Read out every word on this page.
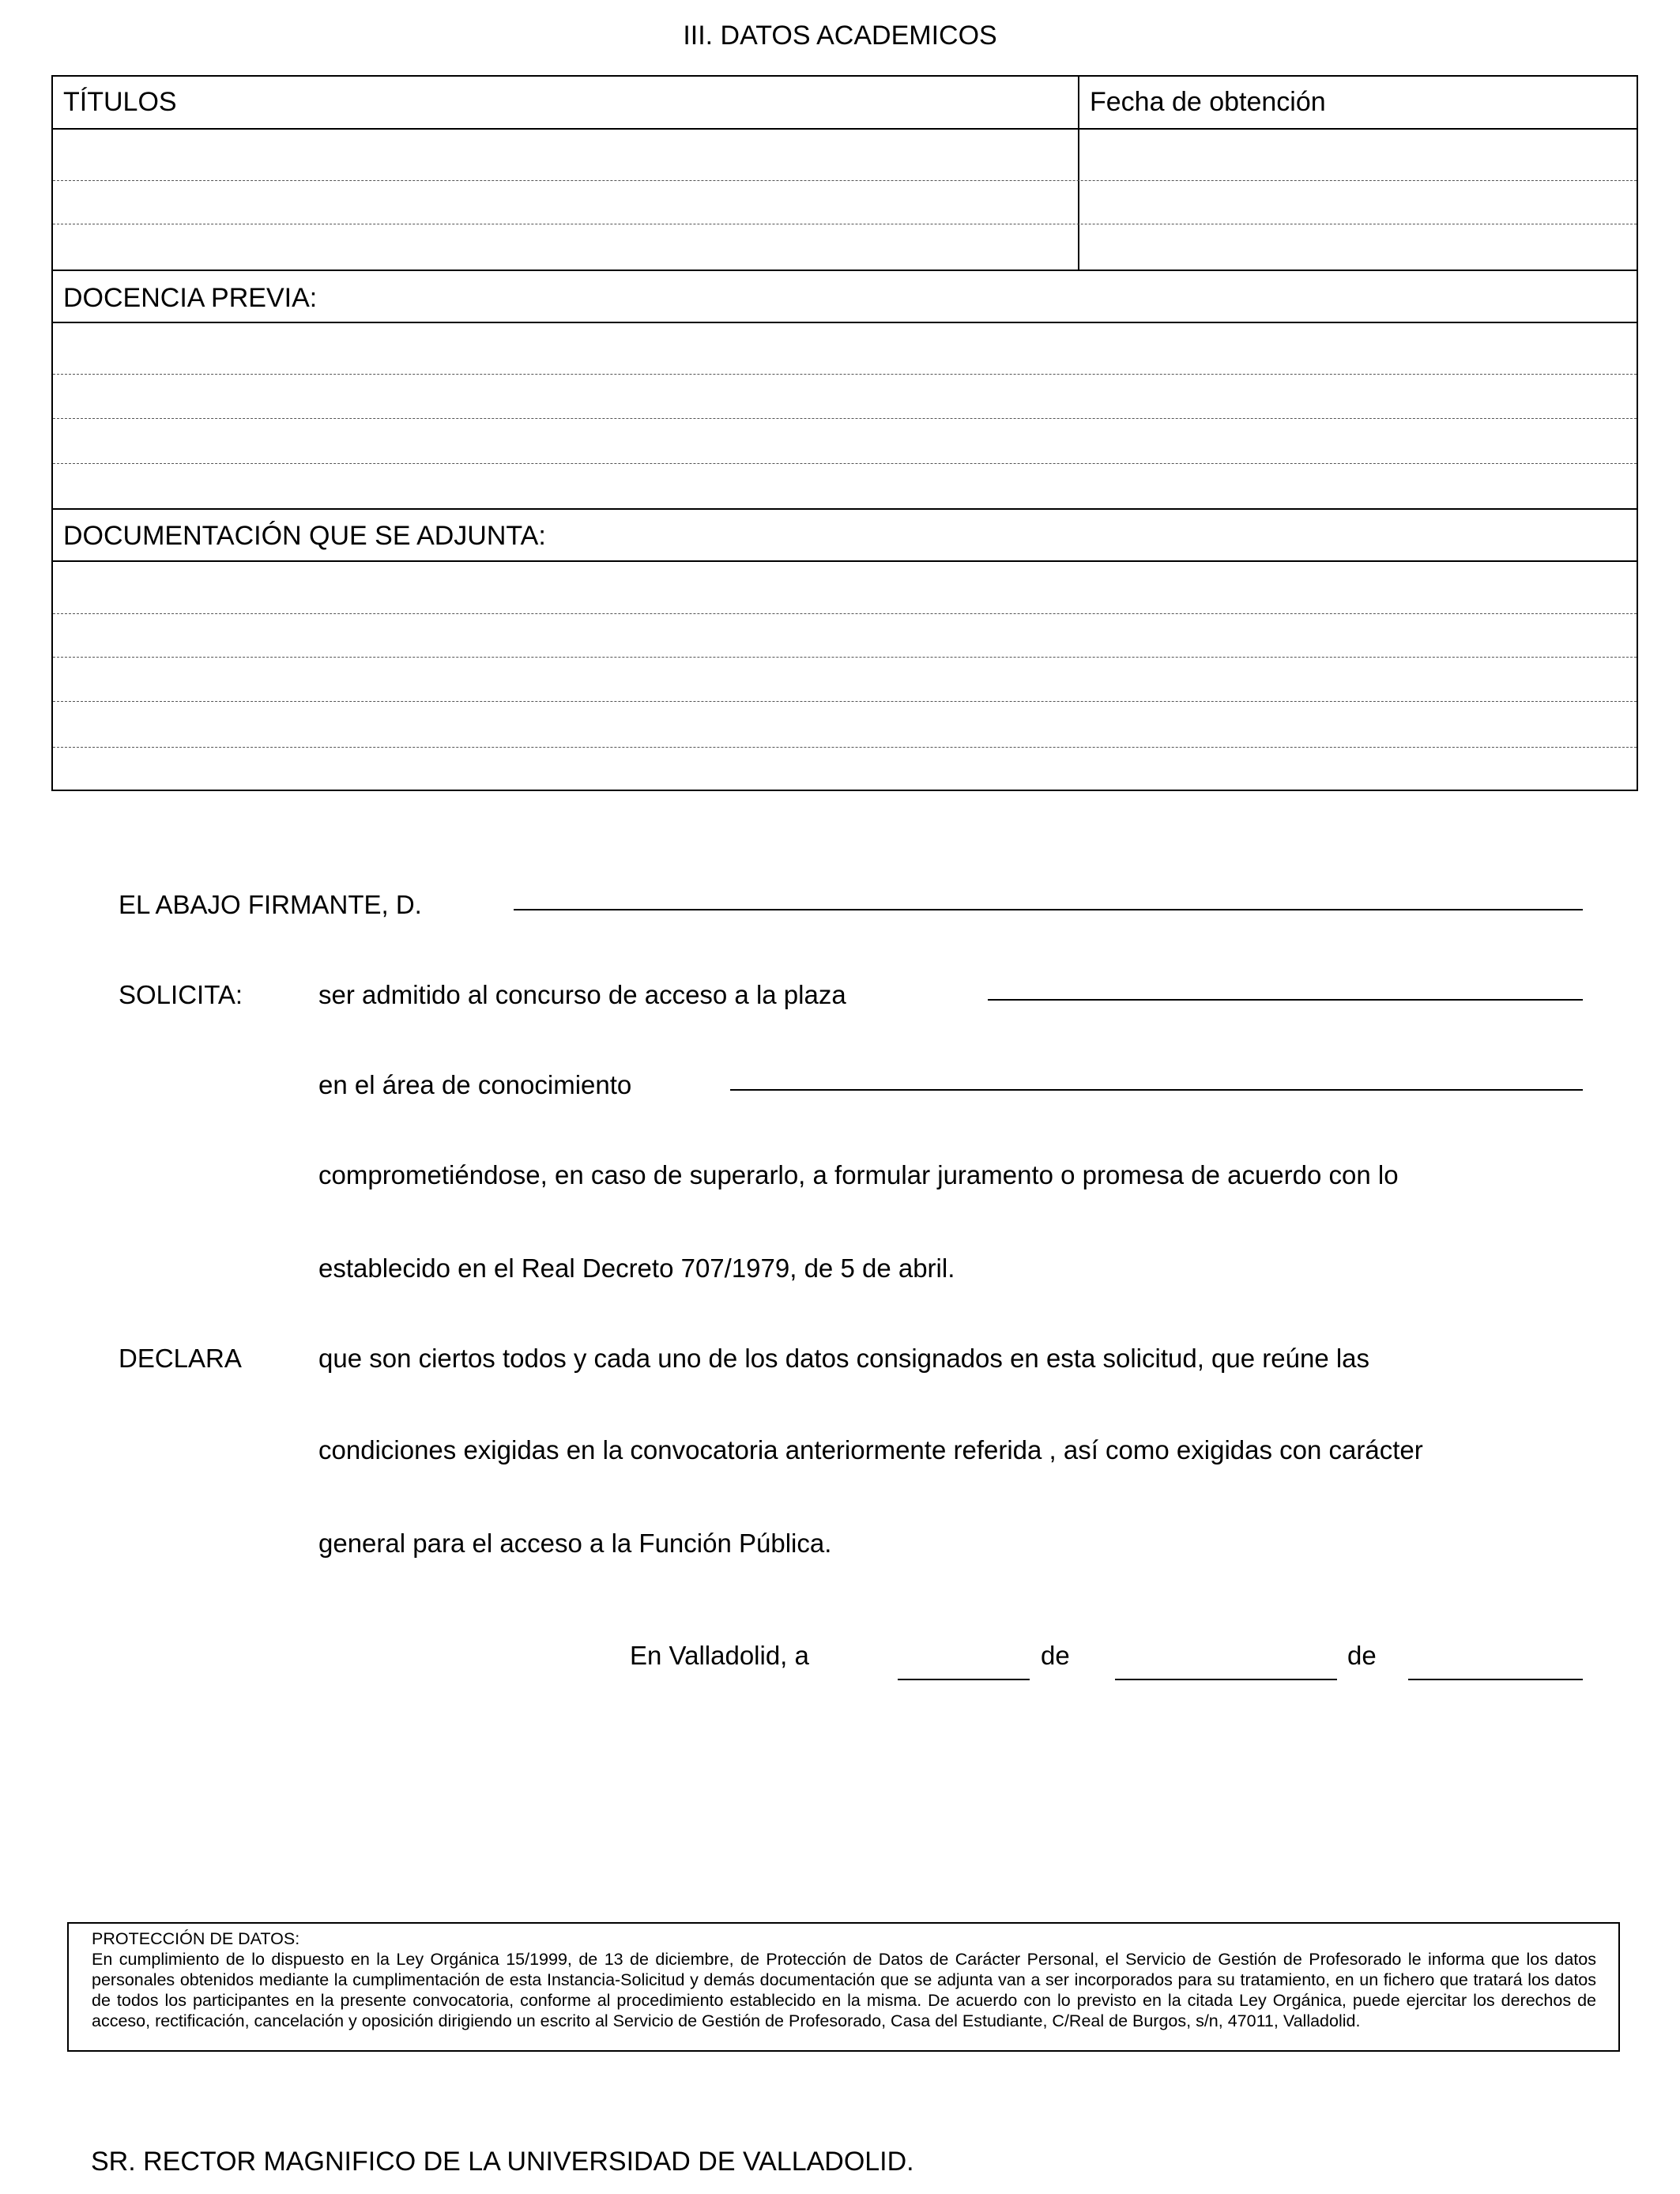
III. DATOS ACADEMICOS
TÍTULOS	Fecha de obtención
DOCENCIA PREVIA:
DOCUMENTACIÓN QUE SE ADJUNTA:
EL ABAJO FIRMANTE, D.
SOLICITA:	ser admitido al concurso de acceso a la plaza
en el área de conocimiento
comprometiéndose, en caso de superarlo, a formular juramento o promesa de acuerdo con lo
establecido en el Real Decreto 707/1979, de 5 de abril.
DECLARA	que son ciertos todos y cada uno de los datos consignados en esta solicitud, que reúne las
condiciones exigidas en la convocatoria anteriormente referida , así como exigidas con carácter
general para el acceso a la Función Pública.
En Valladolid, a	de	de
PROTECCIÓN DE DATOS:
En cumplimiento de lo dispuesto en la Ley Orgánica 15/1999, de 13 de diciembre, de Protección de Datos de Carácter Personal, el Servicio de Gestión de Profesorado le informa que los datos personales obtenidos mediante la cumplimentación de esta Instancia-Solicitud y demás documentación que se adjunta van a ser incorporados para su tratamiento, en un fichero que tratará los datos de todos los participantes en la presente convocatoria, conforme al procedimiento establecido en la misma. De acuerdo con lo previsto en la citada Ley Orgánica, puede ejercitar los derechos de acceso, rectificación, cancelación y oposición dirigiendo un escrito al Servicio de Gestión de Profesorado, Casa del Estudiante, C/Real de Burgos, s/n, 47011, Valladolid.
SR. RECTOR MAGNIFICO DE LA UNIVERSIDAD DE VALLADOLID.
